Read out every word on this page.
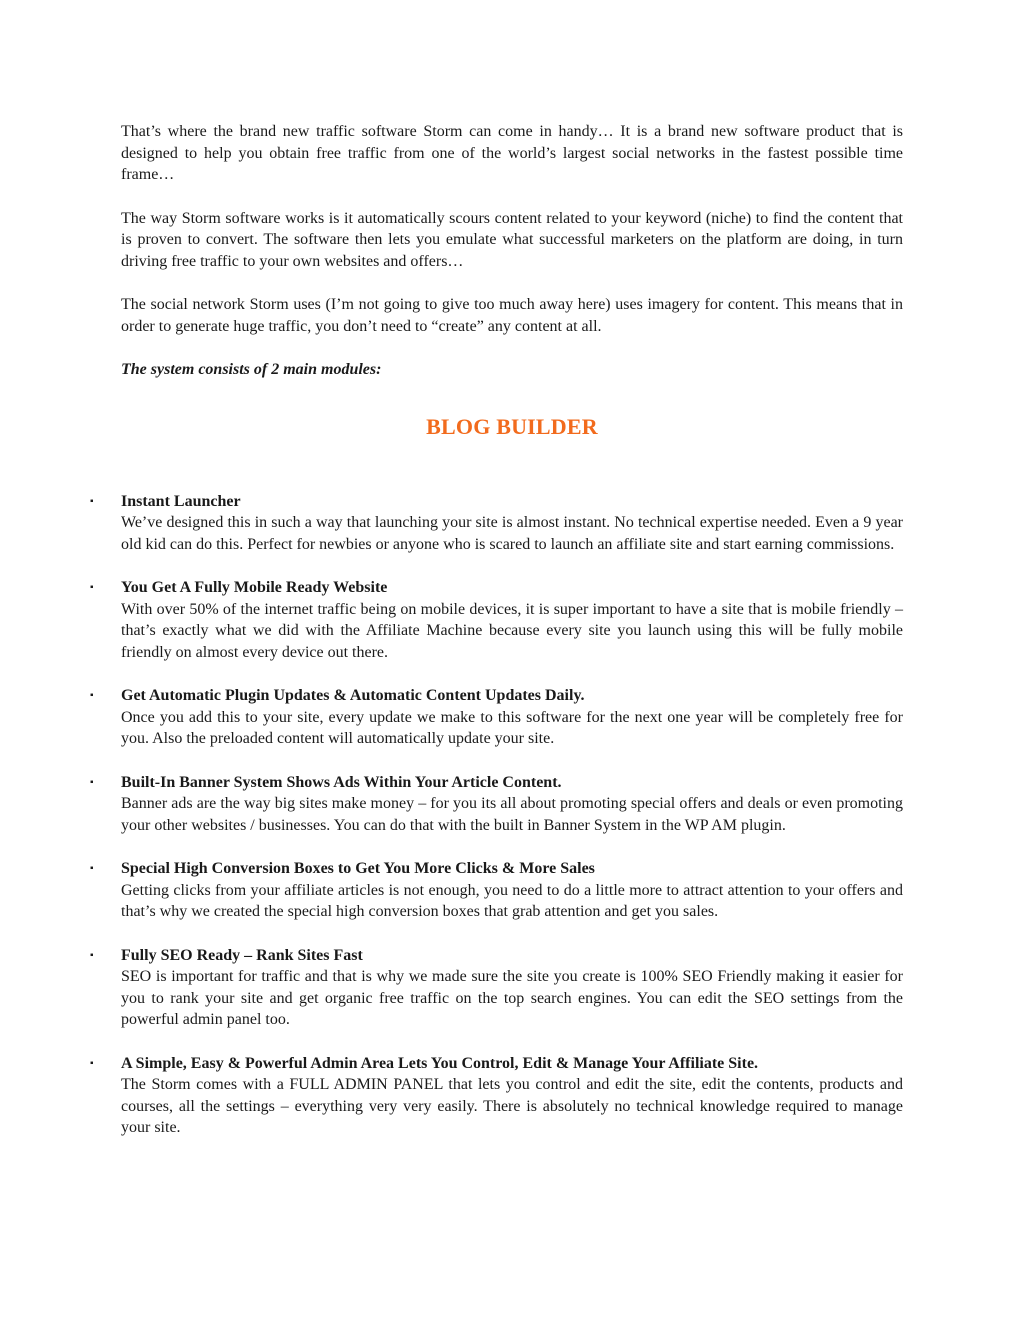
That’s where the brand new traffic software Storm can come in handy… It is a brand new software product that is designed to help you obtain free traffic from one of the world’s largest social networks in the fastest possible time frame…

The way Storm software works is it automatically scours content related to your keyword (niche) to find the content that is proven to convert. The software then lets you emulate what successful marketers on the platform are doing, in turn driving free traffic to your own websites and offers…

The social network Storm uses (I’m not going to give too much away here) uses imagery for content. This means that in order to generate huge traffic, you don’t need to “create” any content at all.

The system consists of 2 main modules:

BLOG BUILDER
▪ Instant Launcher
We’ve designed this in such a way that launching your site is almost instant. No technical expertise needed. Even a 9 year old kid can do this. Perfect for newbies or anyone who is scared to launch an affiliate site and start earning commissions.
▪ You Get A Fully Mobile Ready Website
With over 50% of the internet traffic being on mobile devices, it is super important to have a site that is mobile friendly – that’s exactly what we did with the Affiliate Machine because every site you launch using this will be fully mobile friendly on almost every device out there.
▪ Get Automatic Plugin Updates & Automatic Content Updates Daily.
Once you add this to your site, every update we make to this software for the next one year will be completely free for you. Also the preloaded content will automatically update your site.
▪ Built-In Banner System Shows Ads Within Your Article Content.
Banner ads are the way big sites make money – for you its all about promoting special offers and deals or even promoting your other websites / businesses. You can do that with the built in Banner System in the WP AM plugin.
▪ Special High Conversion Boxes to Get You More Clicks & More Sales
Getting clicks from your affiliate articles is not enough, you need to do a little more to attract attention to your offers and that’s why we created the special high conversion boxes that grab attention and get you sales.
▪ Fully SEO Ready – Rank Sites Fast
SEO is important for traffic and that is why we made sure the site you create is 100% SEO Friendly making it easier for you to rank your site and get organic free traffic on the top search engines. You can edit the SEO settings from the powerful admin panel too.
▪ A Simple, Easy & Powerful Admin Area Lets You Control, Edit & Manage Your Affiliate Site.
The Storm comes with a FULL ADMIN PANEL that lets you control and edit the site, edit the contents, products and courses, all the settings – everything very very easily. There is absolutely no technical knowledge required to manage your site.
